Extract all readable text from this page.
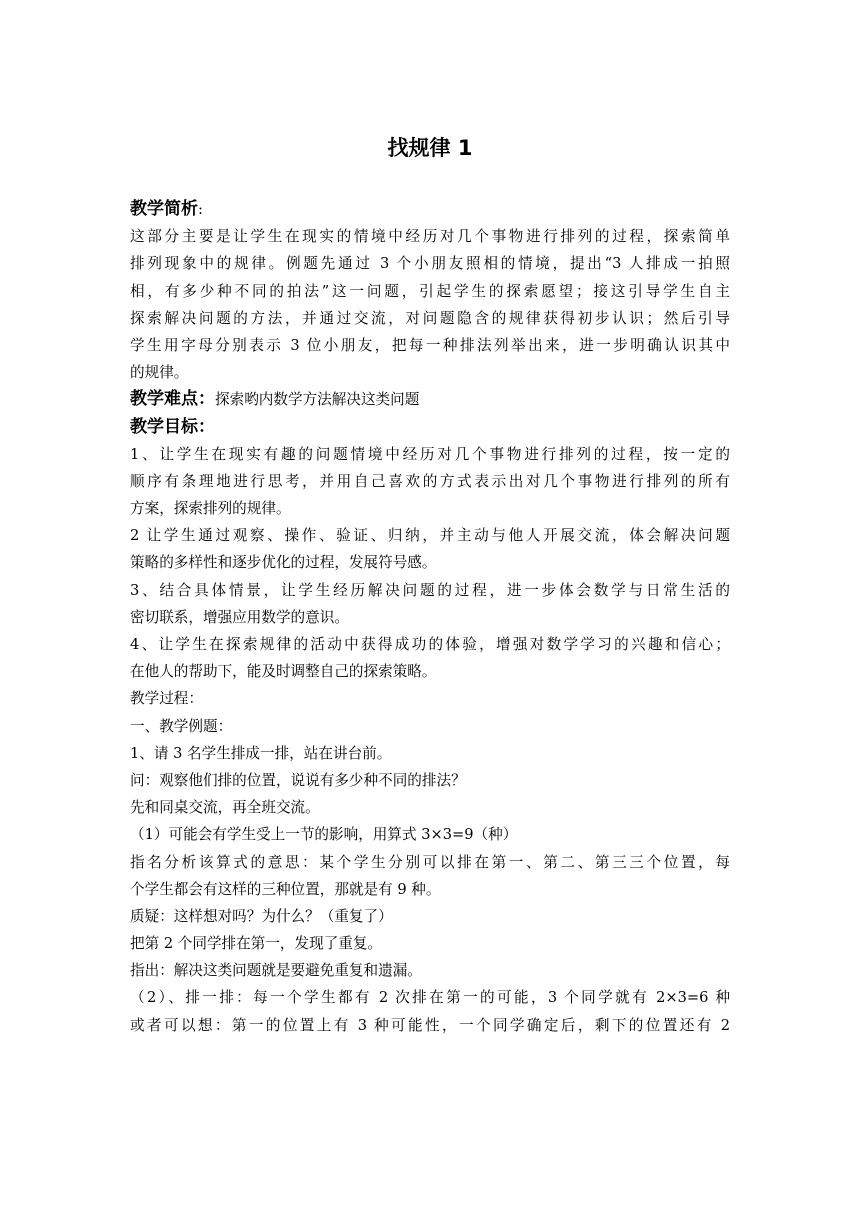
找规律 1
教学简析:
这部分主要是让学生在现实的情境中经历对几个事物进行排列的过程，探索简单
排列现象中的规律。例题先通过 3 个小朋友照相的情境，提出“3 人排成一拍照
相，有多少种不同的拍法”这一问题，引起学生的探索愿望；接这引导学生自主
探索解决问题的方法，并通过交流，对问题隐含的规律获得初步认识；然后引导
学生用字母分别表示 3 位小朋友，把每一种排法列举出来，进一步明确认识其中
的规律。
教学难点：探索哟内数学方法解决这类问题
教学目标：
1、让学生在现实有趣的问题情境中经历对几个事物进行排列的过程，按一定的
顺序有条理地进行思考，并用自己喜欢的方式表示出对几个事物进行排列的所有
方案，探索排列的规律。
2 让学生通过观察、操作、验证、归纳，并主动与他人开展交流，体会解决问题
策略的多样性和逐步优化的过程，发展符号感。
3、结合具体情景，让学生经历解决问题的过程，进一步体会数学与日常生活的
密切联系，增强应用数学的意识。
4、让学生在探索规律的活动中获得成功的体验，增强对数学学习的兴趣和信心；
在他人的帮助下，能及时调整自己的探索策略。
教学过程：
一、教学例题：
1、请 3 名学生排成一排，站在讲台前。
问：观察他们排的位置，说说有多少种不同的排法？
先和同桌交流，再全班交流。
（1）可能会有学生受上一节的影响，用算式 3×3=9（种）
指名分析该算式的意思：某个学生分别可以排在第一、第二、第三三个位置，每
个学生都会有这样的三种位置，那就是有 9 种。
质疑：这样想对吗？为什么？（重复了）
把第 2 个同学排在第一，发现了重复。
指出：解决这类问题就是要避免重复和遗漏。
（2）、排一排：每一个学生都有 2 次排在第一的可能，3 个同学就有 2×3=6 种
或者可以想：第一的位置上有 3 种可能性，一个同学确定后，剩下的位置还有 2
